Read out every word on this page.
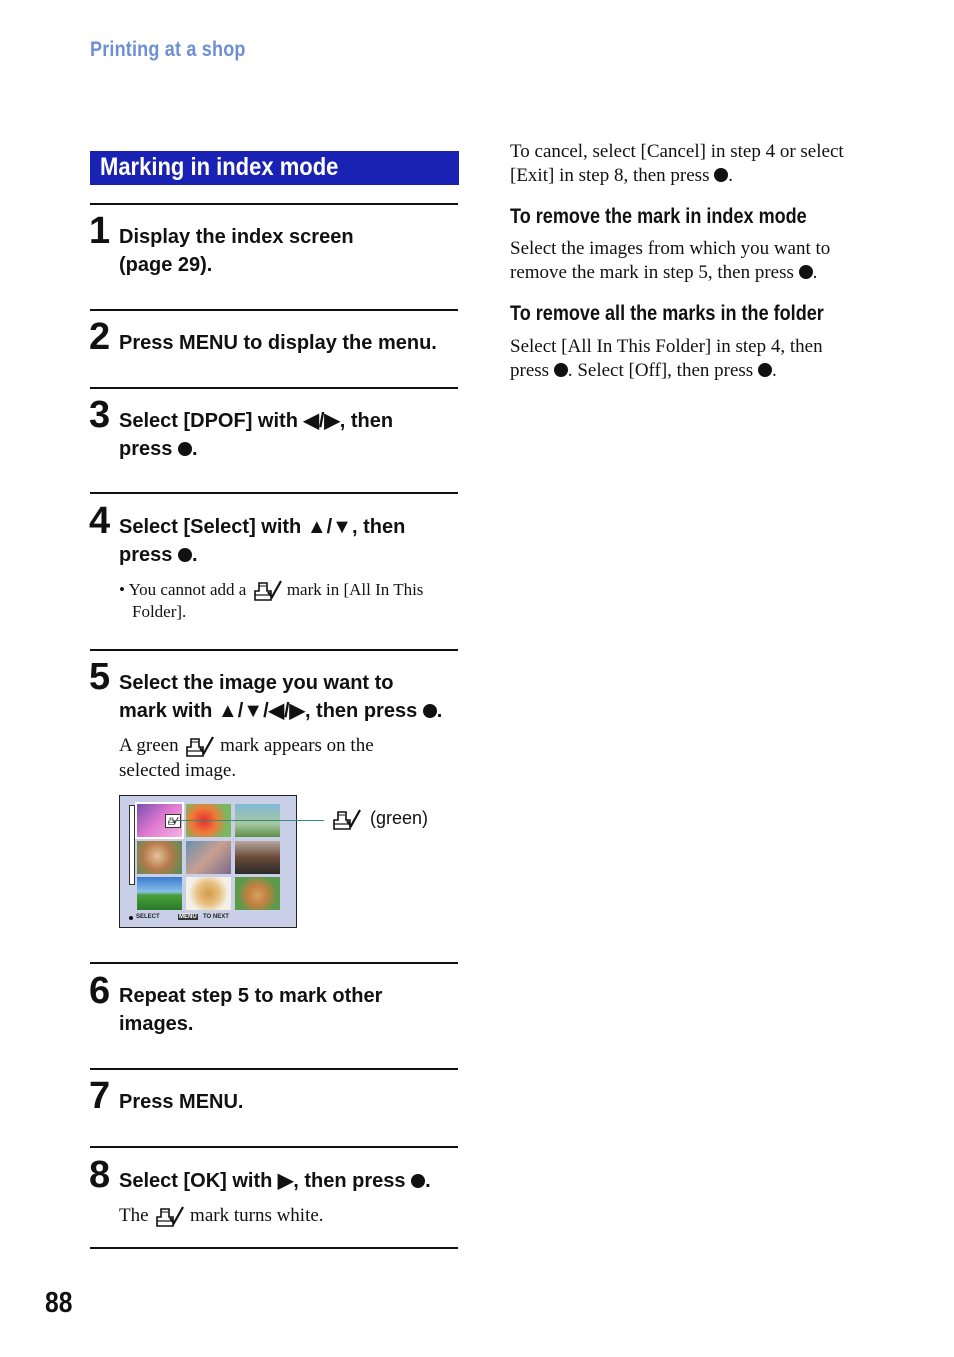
Printing at a shop
Marking in index mode
1 Display the index screen
(page 29).
2 Press MENU to display the menu.
3 Select [DPOF] with ◀/▶, then
press .
4 Select [Select] with ▲/▼, then
press .
• You cannot add a mark in [All In This
Folder].
5 Select the image you want to
mark with ▲/▼/◀/▶, then press .
A green mark appears on the
selected image.
SELECT	MENU TO NEXT
(green)
6 Repeat step 5 to mark other
images.
7 Press MENU.
8 Select [OK] with ▶, then press .
The mark turns white.
To cancel, select [Cancel] in step 4 or select
[Exit] in step 8, then press .
To remove the mark in index mode
Select the images from which you want to
remove the mark in step 5, then press .
To remove all the marks in the folder
Select [All In This Folder] in step 4, then
press . Select [Off], then press .
88
